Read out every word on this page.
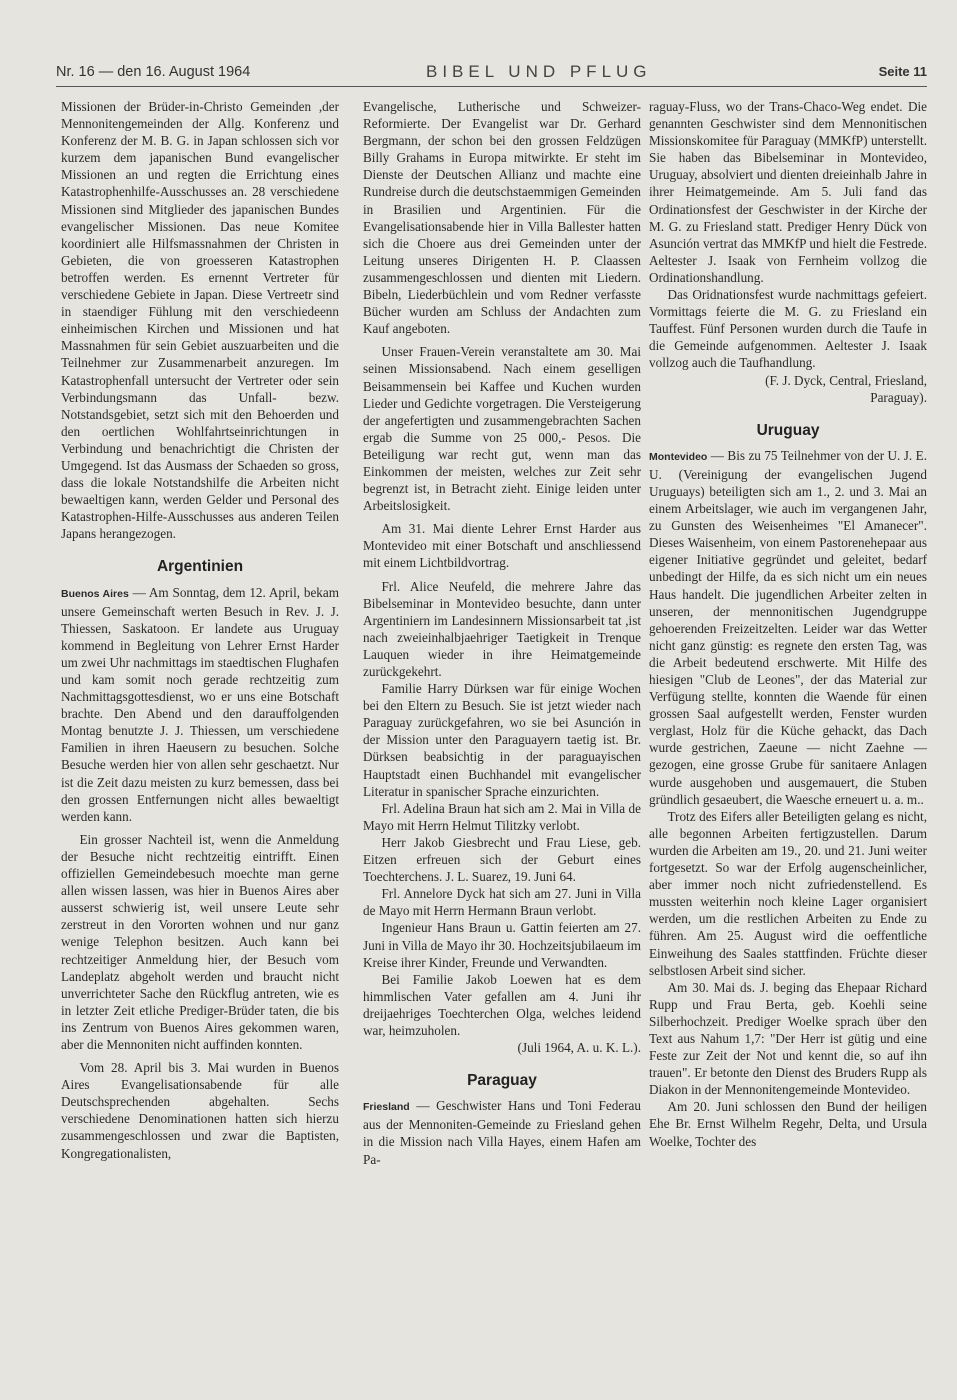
Nr. 16 — den 16. August 1964	BIBEL UND PFLUG	Seite 11

Missionen der Brüder-in-Christo Gemeinden ,der Mennonitengemeinden der Allg. Konferenz und Konferenz der M. B. G. in Japan schlossen sich vor kurzem dem japanischen Bund evangelischer Missionen an und regten die Errichtung eines Katastrophenhilfe-Ausschusses an. 28 verschiedene Missionen sind Mitglieder des japanischen Bundes evangelischer Missionen. Das neue Komitee koordiniert alle Hilfsmassnahmen der Christen in Gebieten, die von groesseren Katastrophen betroffen werden. Es ernennt Vertreter für verschiedene Gebiete in Japan. Diese Vertreetr sind in staendiger Fühlung mit den verschiedeenn einheimischen Kirchen und Missionen und hat Massnahmen für sein Gebiet auszuarbeiten und die Teilnehmer zur Zusammenarbeit anzuregen. Im Katastrophenfall untersucht der Vertreter oder sein Verbindungsmann das Unfall- bezw. Notstandsgebiet, setzt sich mit den Behoerden und den oertlichen Wohlfahrtseinrichtungen in Verbindung und benachrichtigt die Christen der Umgegend. Ist das Ausmass der Schaeden so gross, dass die lokale Notstandshilfe die Arbeiten nicht bewaeltigen kann, werden Gelder und Personal des Katastrophen-Hilfe-Ausschusses aus anderen Teilen Japans herangezogen.

Argentinien

Buenos Aires — Am Sonntag, dem 12. April, bekam unsere Gemeinschaft werten Besuch in Rev. J. J. Thiessen, Saskatoon. Er landete aus Uruguay kommend in Begleitung von Lehrer Ernst Harder um zwei Uhr nachmittags im staedtischen Flughafen und kam somit noch gerade rechtzeitig zum Nachmittagsgottesdienst, wo er uns eine Botschaft brachte. Den Abend und den darauffolgenden Montag benutzte J. J. Thiessen, um verschiedene Familien in ihren Haeusern zu besuchen. Solche Besuche werden hier von allen sehr geschaetzt. Nur ist die Zeit dazu meisten zu kurz bemessen, dass bei den grossen Entfernungen nicht alles bewaeltigt werden kann.

Ein grosser Nachteil ist, wenn die Anmeldung der Besuche nicht rechtzeitig eintrifft. Einen offiziellen Gemeindebesuch moechte man gerne allen wissen lassen, was hier in Buenos Aires aber ausserst schwierig ist, weil unsere Leute sehr zerstreut in den Vororten wohnen und nur ganz wenige Telephon besitzen. Auch kann bei rechtzeitiger Anmeldung hier, der Besuch vom Landeplatz abgeholt werden und braucht nicht unverrichteter Sache den Rückflug antreten, wie es in letzter Zeit etliche Prediger-Brüder taten, die bis ins Zentrum von Buenos Aires gekommen waren, aber die Mennoniten nicht auffinden konnten.

Vom 28. April bis 3. Mai wurden in Buenos Aires Evangelisationsabende für alle Deutschsprechenden abgehalten. Sechs verschiedene Denominationen hatten sich hierzu zusammengeschlossen und zwar die Baptisten, Kongregationalisten,

Evangelische, Lutherische und Schweizer-Reformierte. Der Evangelist war Dr. Gerhard Bergmann, der schon bei den grossen Feldzügen Billy Grahams in Europa mitwirkte. Er steht im Dienste der Deutschen Allianz und machte eine Rundreise durch die deutschstaemmigen Gemeinden in Brasilien und Argentinien. Für die Evangelisationsabende hier in Villa Ballester hatten sich die Choere aus drei Gemeinden unter der Leitung unseres Dirigenten H. P. Claassen zusammengeschlossen und dienten mit Liedern. Bibeln, Liederbüchlein und vom Redner verfasste Bücher wurden am Schluss der Andachten zum Kauf angeboten.

Unser Frauen-Verein veranstaltete am 30. Mai seinen Missionsabend. Nach einem geselligen Beisammensein bei Kaffee und Kuchen wurden Lieder und Gedichte vorgetragen. Die Versteigerung der angefertigten und zusammengebrachten Sachen ergab die Summe von 25 000,- Pesos. Die Beteiligung war recht gut, wenn man das Einkommen der meisten, welches zur Zeit sehr begrenzt ist, in Betracht zieht. Einige leiden unter Arbeitslosigkeit.

Am 31. Mai diente Lehrer Ernst Harder aus Montevideo mit einer Botschaft und anschliessend mit einem Lichtbildvortrag.

Frl. Alice Neufeld, die mehrere Jahre das Bibelseminar in Montevideo besuchte, dann unter Argentiniern im Landesinnern Missionsarbeit tat ,ist nach zweieinhalbjaehriger Taetigkeit in Trenque Lauquen wieder in ihre Heimatgemeinde zurückgekehrt.

Familie Harry Dürksen war für einige Wochen bei den Eltern zu Besuch. Sie ist jetzt wieder nach Paraguay zurückgefahren, wo sie bei Asunción in der Mission unter den Paraguayern taetig ist. Br. Dürksen beabsichtig in der paraguayischen Hauptstadt einen Buchhandel mit evangelischer Literatur in spanischer Sprache einzurichten.

Frl. Adelina Braun hat sich am 2. Mai in Villa de Mayo mit Herrn Helmut Tilitzky verlobt.

Herr Jakob Giesbrecht und Frau Liese, geb. Eitzen erfreuen sich der Geburt eines Toechterchens. J. L. Suarez, 19. Juni 64.

Frl. Annelore Dyck hat sich am 27. Juni in Villa de Mayo mit Herrn Hermann Braun verlobt.

Ingenieur Hans Braun u. Gattin feierten am 27. Juni in Villa de Mayo ihr 30. Hochzeitsjubilaeum im Kreise ihrer Kinder, Freunde und Verwandten.

Bei Familie Jakob Loewen hat es dem himmlischen Vater gefallen am 4. Juni ihr dreijaehriges Toechterchen Olga, welches leidend war, heimzuholen.

(Juli 1964, A. u. K. L.).

Paraguay

Friesland — Geschwister Hans und Toni Federau aus der Mennoniten-Gemeinde zu Friesland gehen in die Mission nach Villa Hayes, einem Hafen am Pa-

raguay-Fluss, wo der Trans-Chaco-Weg endet. Die genannten Geschwister sind dem Mennonitischen Missionskomitee für Paraguay (MMKfP) unterstellt. Sie haben das Bibelseminar in Montevideo, Uruguay, absolviert und dienten dreieinhalb Jahre in ihrer Heimatgemeinde. Am 5. Juli fand das Ordinationsfest der Geschwister in der Kirche der M. G. zu Friesland statt. Prediger Henry Dück von Asunción vertrat das MMKfP und hielt die Festrede. Aeltester J. Isaak von Fernheim vollzog die Ordinationshandlung.

Das Oridnationsfest wurde nachmittags gefeiert. Vormittags feierte die M. G. zu Friesland ein Tauffest. Fünf Personen wurden durch die Taufe in die Gemeinde aufgenommen. Aeltester J. Isaak vollzog auch die Taufhandlung.

(F. J. Dyck, Central, Friesland,

Paraguay).

Uruguay

Montevideo — Bis zu 75 Teilnehmer von der U. J. E. U. (Vereinigung der evangelischen Jugend Uruguays) beteiligten sich am 1., 2. und 3. Mai an einem Arbeitslager, wie auch im vergangenen Jahr, zu Gunsten des Weisenheimes "El Amanecer". Dieses Waisenheim, von einem Pastorenehepaar aus eigener Initiative gegründet und geleitet, bedarf unbedingt der Hilfe, da es sich nicht um ein neues Haus handelt. Die jugendlichen Arbeiter zelten in unseren, der mennonitischen Jugendgruppe gehoerenden Freizeitzelten. Leider war das Wetter nicht ganz günstig: es regnete den ersten Tag, was die Arbeit bedeutend erschwerte. Mit Hilfe des hiesigen "Club de Leones", der das Material zur Verfügung stellte, konnten die Waende für einen grossen Saal aufgestellt werden, Fenster wurden verglast, Holz für die Küche gehackt, das Dach wurde gestrichen, Zaeune — nicht Zaehne — gezogen, eine grosse Grube für sanitaere Anlagen wurde ausgehoben und ausgemauert, die Stuben gründlich gesaeubert, die Waesche erneuert u. a. m..

Trotz des Eifers aller Beteiligten gelang es nicht, alle begonnen Arbeiten fertigzustellen. Darum wurden die Arbeiten am 19., 20. und 21. Juni weiter fortgesetzt. So war der Erfolg augenscheinlicher, aber immer noch nicht zufriedenstellend. Es mussten weiterhin noch kleine Lager organisiert werden, um die restlichen Arbeiten zu Ende zu führen. Am 25. August wird die oeffentliche Einweihung des Saales stattfinden. Früchte dieser selbstlosen Arbeit sind sicher.

Am 30. Mai ds. J. beging das Ehepaar Richard Rupp und Frau Berta, geb. Koehli seine Silberhochzeit. Prediger Woelke sprach über den Text aus Nahum 1,7: "Der Herr ist gütig und eine Feste zur Zeit der Not und kennt die, so auf ihn trauen". Er betonte den Dienst des Bruders Rupp als Diakon in der Mennonitengemeinde Montevideo.

Am 20. Juni schlossen den Bund der heiligen Ehe Br. Ernst Wilhelm Regehr, Delta, und Ursula Woelke, Tochter des
